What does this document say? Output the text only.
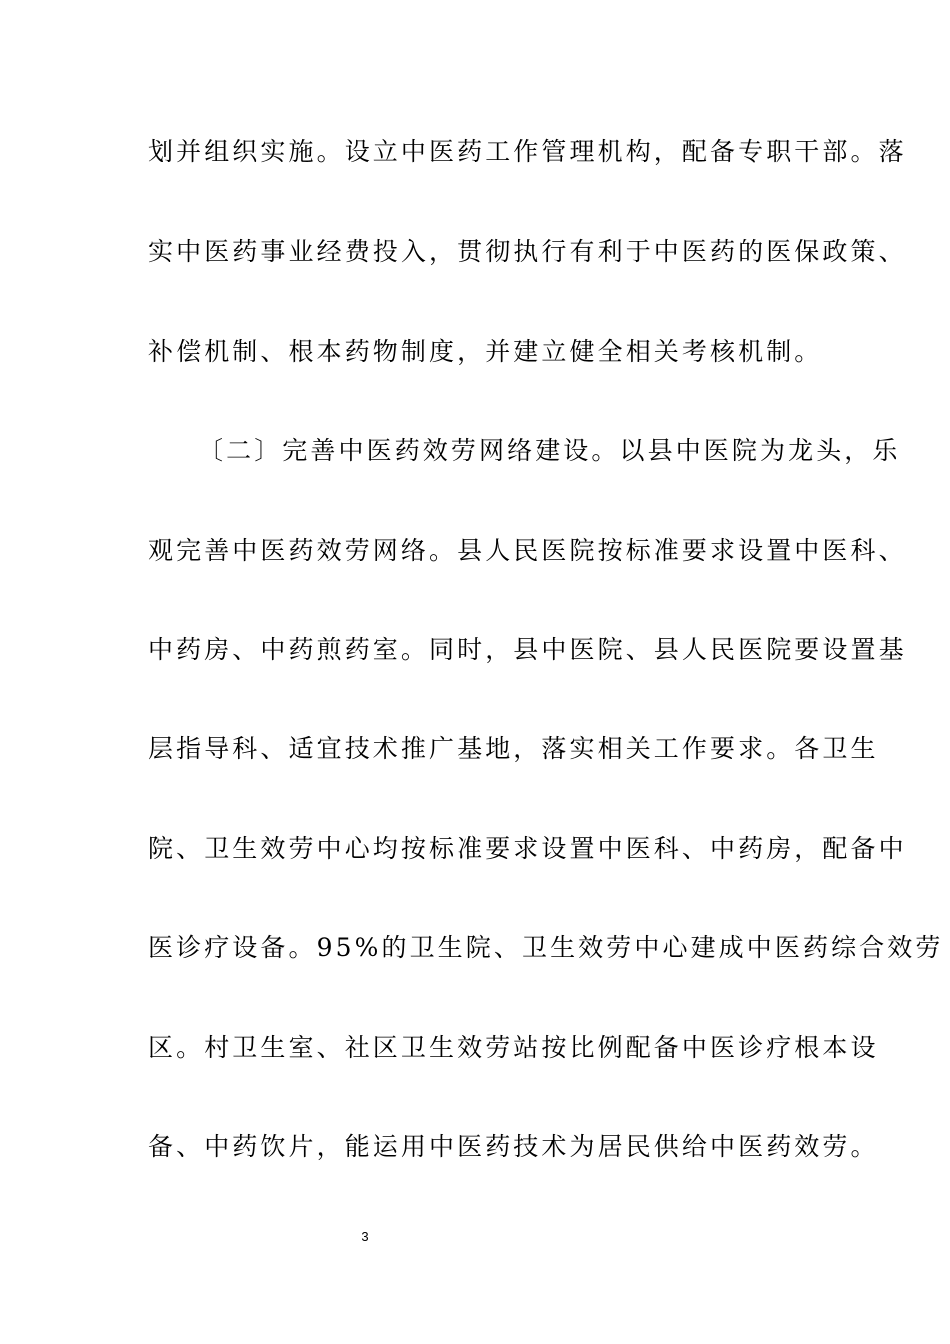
划并组织实施。设立中医药工作管理机构，配备专职干部。落
实中医药事业经费投入，贯彻执行有利于中医药的医保政策、
补偿机制、根本药物制度，并建立健全相关考核机制。
〔二〕完善中医药效劳网络建设。以县中医院为龙头，乐
观完善中医药效劳网络。县人民医院按标准要求设置中医科、
中药房、中药煎药室。同时，县中医院、县人民医院要设置基
层指导科、适宜技术推广基地，落实相关工作要求。各卫生
院、卫生效劳中心均按标准要求设置中医科、中药房，配备中
医诊疗设备。95%的卫生院、卫生效劳中心建成中医药综合效劳
区。村卫生室、社区卫生效劳站按比例配备中医诊疗根本设
备、中药饮片，能运用中医药技术为居民供给中医药效劳。
3
